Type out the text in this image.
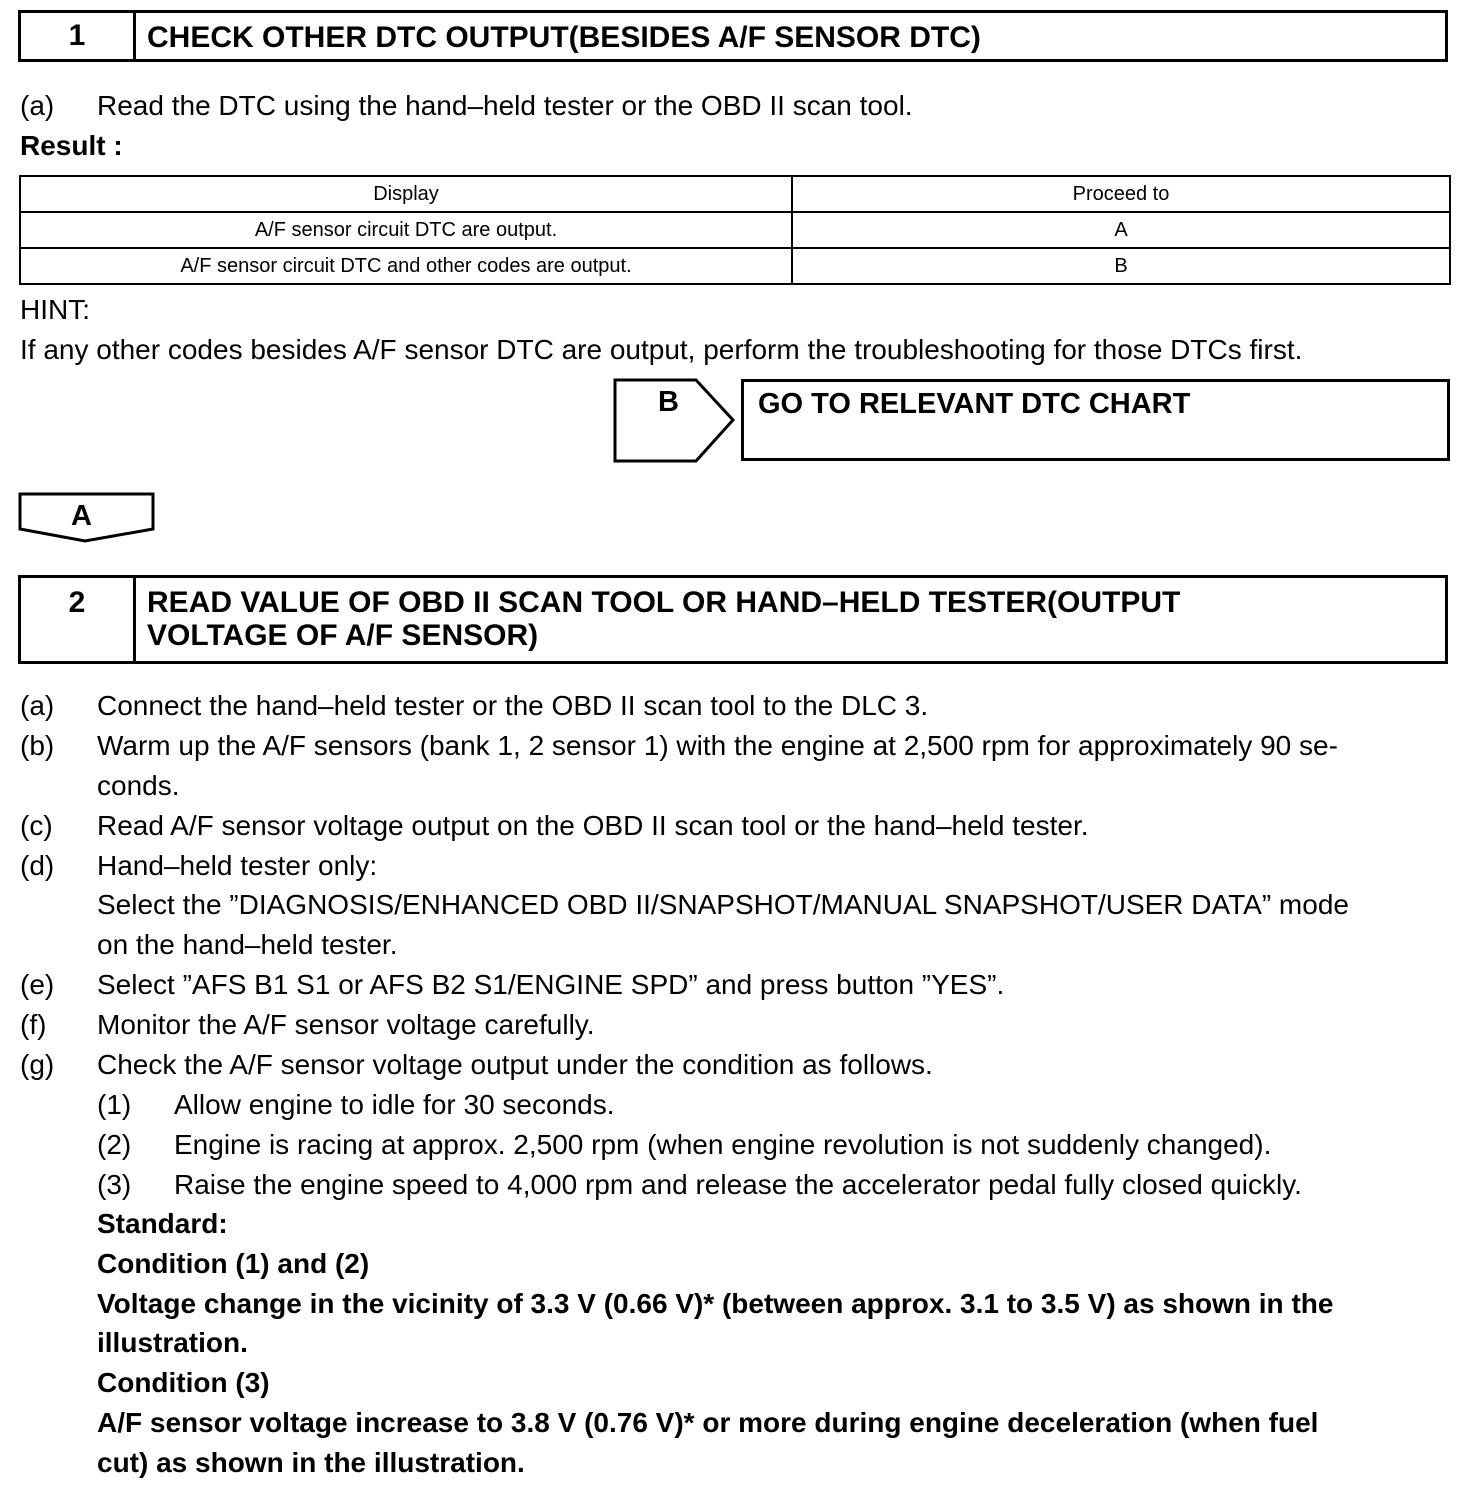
1	CHECK OTHER DTC OUTPUT(BESIDES A/F SENSOR DTC)
(a) Read the DTC using the hand–held tester or the OBD II scan tool.
Result :
Display	Proceed to
A/F sensor circuit DTC are output.	A
A/F sensor circuit DTC and other codes are output.	B
HINT:
If any other codes besides A/F sensor DTC are output, perform the troubleshooting for those DTCs first.
B	GO TO RELEVANT DTC CHART
A
2	READ VALUE OF OBD II SCAN TOOL OR HAND–HELD TESTER(OUTPUT
VOLTAGE OF A/F SENSOR)
(a) Connect the hand–held tester or the OBD II scan tool to the DLC 3.
(b) Warm up the A/F sensors (bank 1, 2 sensor 1) with the engine at 2,500 rpm for approximately 90 se-
conds.
(c) Read A/F sensor voltage output on the OBD II scan tool or the hand–held tester.
(d) Hand–held tester only:
Select the ”DIAGNOSIS/ENHANCED OBD II/SNAPSHOT/MANUAL SNAPSHOT/USER DATA” mode
on the hand–held tester.
(e) Select ”AFS B1 S1 or AFS B2 S1/ENGINE SPD” and press button ”YES”.
(f) Monitor the A/F sensor voltage carefully.
(g) Check the A/F sensor voltage output under the condition as follows.
(1) Allow engine to idle for 30 seconds.
(2) Engine is racing at approx. 2,500 rpm (when engine revolution is not suddenly changed).
(3) Raise the engine speed to 4,000 rpm and release the accelerator pedal fully closed quickly.
Standard:
Condition (1) and (2)
Voltage change in the vicinity of 3.3 V (0.66 V)* (between approx. 3.1 to 3.5 V) as shown in the
illustration.
Condition (3)
A/F sensor voltage increase to 3.8 V (0.76 V)* or more during engine deceleration (when fuel
cut) as shown in the illustration.
